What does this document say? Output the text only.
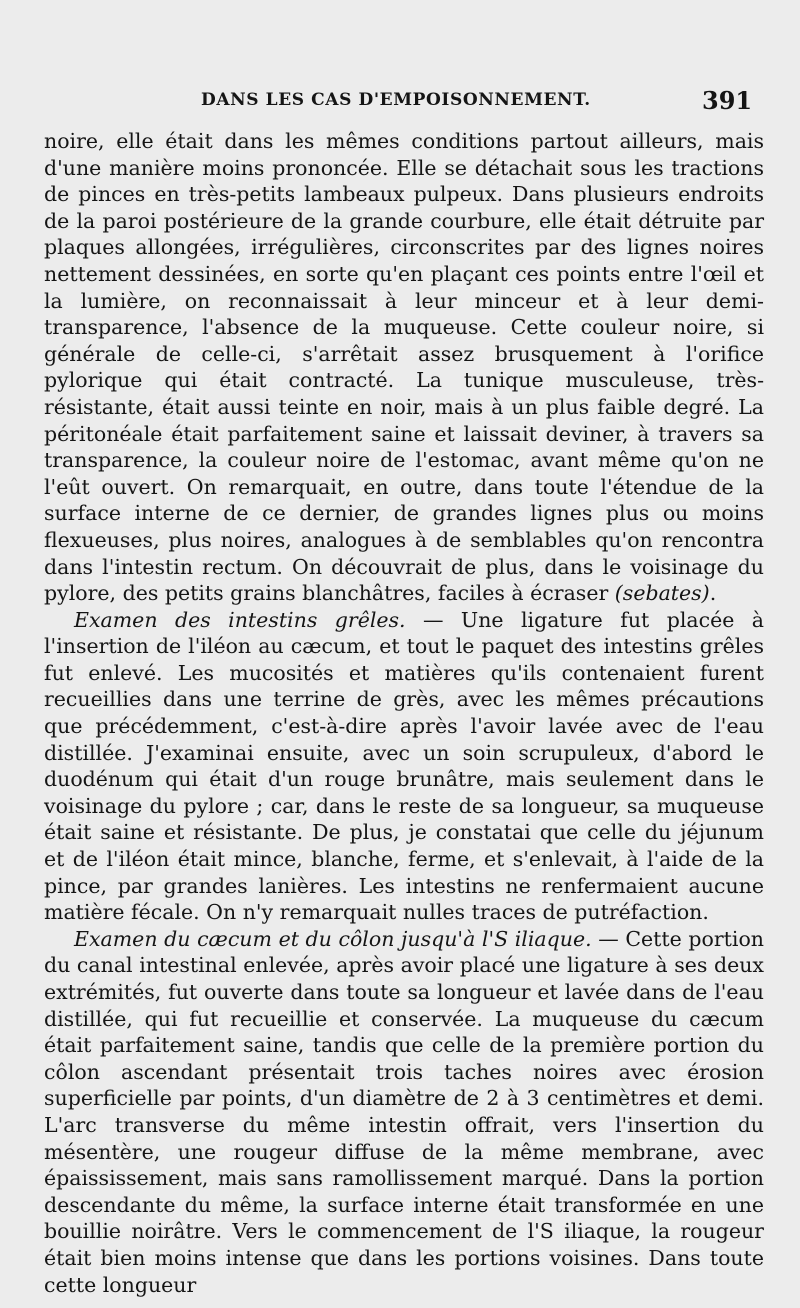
DANS LES CAS D'EMPOISONNEMENT.	391

noire, elle était dans les mêmes conditions partout ailleurs, mais d'une manière moins prononcée. Elle se détachait sous les tractions de pinces en très-petits lambeaux pulpeux. Dans plusieurs endroits de la paroi postérieure de la grande courbure, elle était détruite par plaques allongées, irrégulières, circonscrites par des lignes noires nettement dessinées, en sorte qu'en plaçant ces points entre l'œil et la lumière, on reconnaissait à leur minceur et à leur demi-transparence, l'absence de la muqueuse. Cette couleur noire, si générale de celle-ci, s'arrêtait assez brusquement à l'orifice pylorique qui était contracté. La tunique musculeuse, très-résistante, était aussi teinte en noir, mais à un plus faible degré. La péritonéale était parfaitement saine et laissait deviner, à travers sa transparence, la couleur noire de l'estomac, avant même qu'on ne l'eût ouvert. On remarquait, en outre, dans toute l'étendue de la surface interne de ce dernier, de grandes lignes plus ou moins flexueuses, plus noires, analogues à de semblables qu'on rencontra dans l'intestin rectum. On découvrait de plus, dans le voisinage du pylore, des petits grains blanchâtres, faciles à écraser (sebates).

Examen des intestins grêles. — Une ligature fut placée à l'insertion de l'iléon au cæcum, et tout le paquet des intestins grêles fut enlevé. Les mucosités et matières qu'ils contenaient furent recueillies dans une terrine de grès, avec les mêmes précautions que précédemment, c'est-à-dire après l'avoir lavée avec de l'eau distillée. J'examinai ensuite, avec un soin scrupuleux, d'abord le duodénum qui était d'un rouge brunâtre, mais seulement dans le voisinage du pylore ; car, dans le reste de sa longueur, sa muqueuse était saine et résistante. De plus, je constatai que celle du jéjunum et de l'iléon était mince, blanche, ferme, et s'enlevait, à l'aide de la pince, par grandes lanières. Les intestins ne renfermaient aucune matière fécale. On n'y remarquait nulles traces de putréfaction.

Examen du cæcum et du côlon jusqu'à l'S iliaque. — Cette portion du canal intestinal enlevée, après avoir placé une ligature à ses deux extrémités, fut ouverte dans toute sa longueur et lavée dans de l'eau distillée, qui fut recueillie et conservée. La muqueuse du cæcum était parfaitement saine, tandis que celle de la première portion du côlon ascendant présentait trois taches noires avec érosion superficielle par points, d'un diamètre de 2 à 3 centimètres et demi. L'arc transverse du même intestin offrait, vers l'insertion du mésentère, une rougeur diffuse de la même membrane, avec épaississement, mais sans ramollissement marqué. Dans la portion descendante du même, la surface interne était transformée en une bouillie noirâtre. Vers le commencement de l'S iliaque, la rougeur était bien moins intense que dans les portions voisines. Dans toute cette longueur
